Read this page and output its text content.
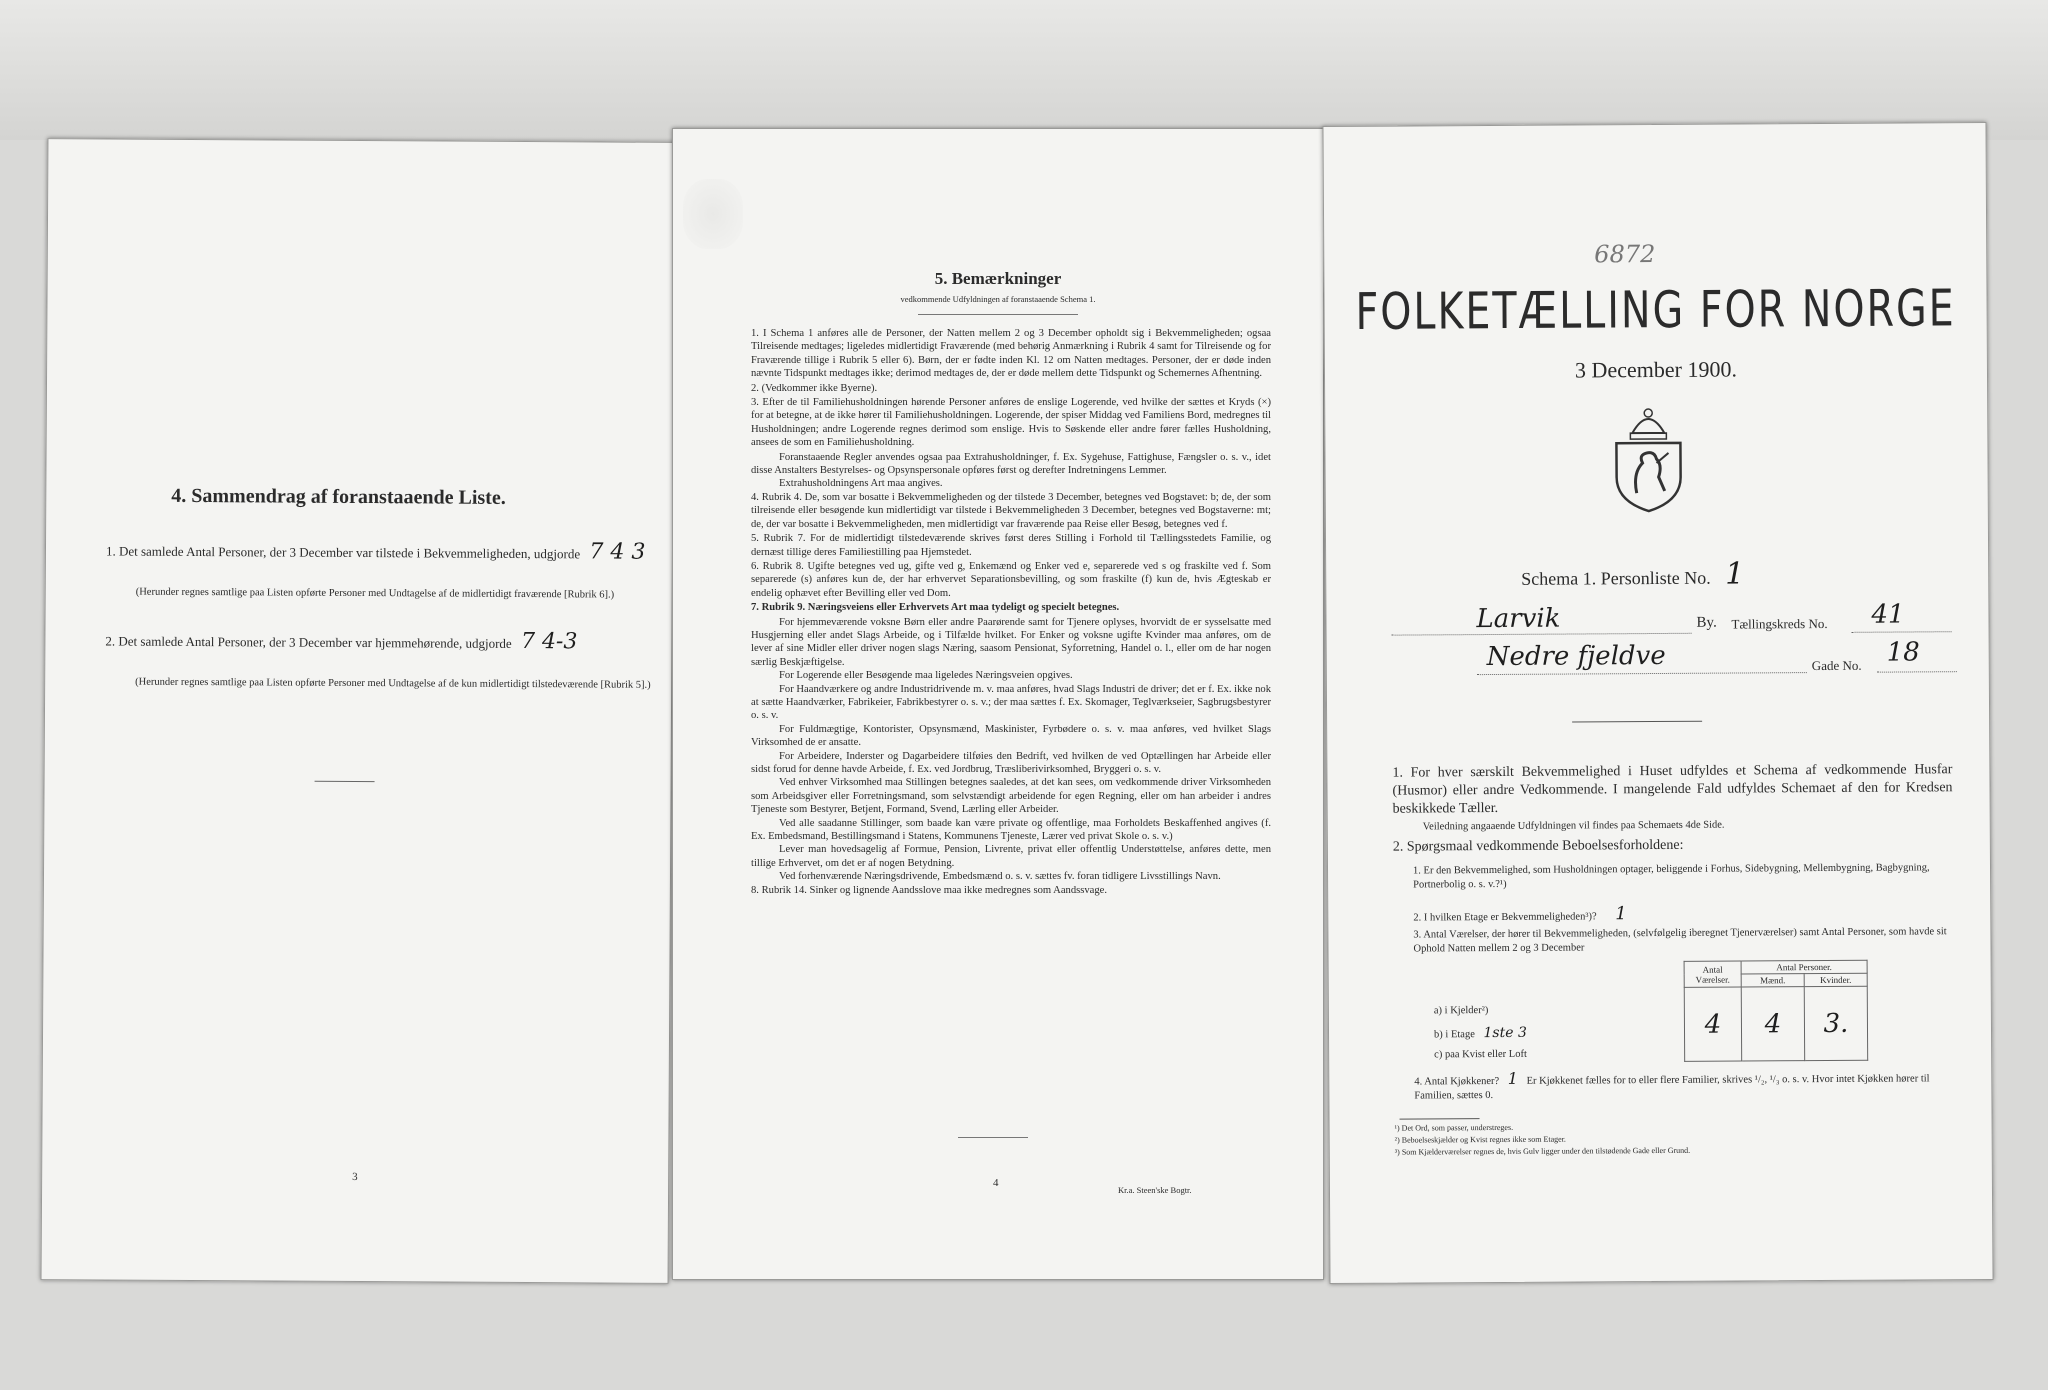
4. Sammendrag af foranstaaende Liste.
1. Det samlede Antal Personer, der 3 December var tilstede i Bekvemmeligheden, udgjorde 7 4 3
(Herunder regnes samtlige paa Listen opførte Personer med Undtagelse af de midlertidigt fraværende [Rubrik 6].)
2. Det samlede Antal Personer, der 3 December var hjemmehørende, udgjorde 7 4-3
(Herunder regnes samtlige paa Listen opførte Personer med Undtagelse af de kun midlertidigt tilstedeværende [Rubrik 5].)
3
5. Bemærkninger
vedkommende Udfyldningen af foranstaaende Schema 1.

1. I Schema 1 anføres alle de Personer, der Natten mellem 2 og 3 December opholdt sig i Bekvemmeligheden; ogsaa Tilreisende medtages; ligeledes midlertidigt Fraværende (med behørig Anmærkning i Rubrik 4 samt for Tilreisende og for Fraværende tillige i Rubrik 5 eller 6). Børn, der er fødte inden Kl. 12 om Natten medtages. Personer, der er døde inden nævnte Tidspunkt medtages ikke; derimod medtages de, der er døde mellem dette Tidspunkt og Schemernes Afhentning.

2. (Vedkommer ikke Byerne).

3. Efter de til Familiehusholdningen hørende Personer anføres de enslige Logerende, ved hvilke der sættes et Kryds (×) for at betegne, at de ikke hører til Familiehusholdningen. Logerende, der spiser Middag ved Familiens Bord, medregnes til Husholdningen; andre Logerende regnes derimod som enslige. Hvis to Søskende eller andre fører fælles Husholdning, ansees de som en Familiehusholdning.

Foranstaaende Regler anvendes ogsaa paa Extrahusholdninger, f. Ex. Sygehuse, Fattighuse, Fængsler o. s. v., idet disse Anstalters Bestyrelses- og Opsynspersonale opføres først og derefter Indretningens Lemmer.

Extrahusholdningens Art maa angives.

4. Rubrik 4. De, som var bosatte i Bekvemmeligheden og der tilstede 3 December, betegnes ved Bogstavet: b; de, der som tilreisende eller besøgende kun midlertidigt var tilstede i Bekvemmeligheden 3 December, betegnes ved Bogstaverne: mt; de, der var bosatte i Bekvemmeligheden, men midlertidigt var fraværende paa Reise eller Besøg, betegnes ved f.

5. Rubrik 7. For de midlertidigt tilstedeværende skrives først deres Stilling i Forhold til Tællingsstedets Familie, og dernæst tillige deres Familiestilling paa Hjemstedet.

6. Rubrik 8. Ugifte betegnes ved ug, gifte ved g, Enkemænd og Enker ved e, separerede ved s og fraskilte ved f. Som separerede (s) anføres kun de, der har erhvervet Separationsbevilling, og som fraskilte (f) kun de, hvis Ægteskab er endelig ophævet efter Bevilling eller ved Dom.

7. Rubrik 9. Næringsveiens eller Erhvervets Art maa tydeligt og specielt betegnes.

For hjemmeværende voksne Børn eller andre Paarørende samt for Tjenere oplyses, hvorvidt de er sysselsatte med Husgjerning eller andet Slags Arbeide, og i Tilfælde hvilket. For Enker og voksne ugifte Kvinder maa anføres, om de lever af sine Midler eller driver nogen slags Næring, saasom Pensionat, Syforretning, Handel o. l., eller om de har nogen særlig Beskjæftigelse.

For Logerende eller Besøgende maa ligeledes Næringsveien opgives.

For Haandværkere og andre Industridrivende m. v. maa anføres, hvad Slags Industri de driver; det er f. Ex. ikke nok at sætte Haandværker, Fabrikeier, Fabrikbestyrer o. s. v.; der maa sættes f. Ex. Skomager, Teglværkseier, Sagbrugsbestyrer o. s. v.

For Fuldmægtige, Kontorister, Opsynsmænd, Maskinister, Fyrbødere o. s. v. maa anføres, ved hvilket Slags Virksomhed de er ansatte.

For Arbeidere, Inderster og Dagarbeidere tilføies den Bedrift, ved hvilken de ved Optællingen har Arbeide eller sidst forud for denne havde Arbeide, f. Ex. ved Jordbrug, Træsliberivirksomhed, Bryggeri o. s. v.

Ved enhver Virksomhed maa Stillingen betegnes saaledes, at det kan sees, om vedkommende driver Virksomheden som Arbeidsgiver eller Forretningsmand, som selvstændigt arbeidende for egen Regning, eller om han arbeider i andres Tjeneste som Bestyrer, Betjent, Formand, Svend, Lærling eller Arbeider.

Ved alle saadanne Stillinger, som baade kan være private og offentlige, maa Forholdets Beskaffenhed angives (f. Ex. Embedsmand, Bestillingsmand i Statens, Kommunens Tjeneste, Lærer ved privat Skole o. s. v.)

Lever man hovedsagelig af Formue, Pension, Livrente, privat eller offentlig Understøttelse, anføres dette, men tillige Erhvervet, om det er af nogen Betydning.

Ved forhenværende Næringsdrivende, Embedsmænd o. s. v. sættes fv. foran tidligere Livsstillings Navn.

8. Rubrik 14. Sinker og lignende Aandsslove maa ikke medregnes som Aandssvage.

4
Kr.a. Steen'ske Bogtr.
6872
FOLKETÆLLING FOR NORGE
3 December 1900.
Schema 1. Personliste No. 1
Larvik	By. Tællingskreds No. 41
Nedre fjeldve	Gade No. 18
1. For hver særskilt Bekvemmelighed i Huset udfyldes et Schema af vedkommende Husfar (Husmor) eller andre Vedkommende. I mangelende Fald udfyldes Schemaet af den for Kredsen beskikkede Tæller.
Veiledning angaaende Udfyldningen vil findes paa Schemaets 4de Side.
2. Spørgsmaal vedkommende Beboelsesforholdene:
1. Er den Bekvemmelighed, som Husholdningen optager, beliggende i Forhus, Sidebygning, Mellembygning, Bagbygning, Portnerbolig o. s. v.?¹)
2. I hvilken Etage er Bekvemmeligheden³)? 1
3. Antal Værelser, der hører til Bekvemmeligheden, (selvfølgelig iberegnet Tjenerværelser) samt Antal Personer, som havde sit Ophold Natten mellem 2 og 3 December
Antal Værelser.	Antal Personer.	
	Mænd.	Kvinder.
4	4	3.
a) i Kjelder²)
b) i Etage 1ste 3
c) paa Kvist eller Loft
4. Antal Kjøkkener? 1 Er Kjøkkenet fælles for to eller flere Familier, skrives ¹/₂, ¹/₃ o. s. v. Hvor intet Kjøkken hører til Familien, sættes 0.
¹) Det Ord, som passer, understreges.
²) Beboelseskjælder og Kvist regnes ikke som Etager.
³) Som Kjælderværelser regnes de, hvis Gulv ligger under den tilstødende Gade eller Grund.
